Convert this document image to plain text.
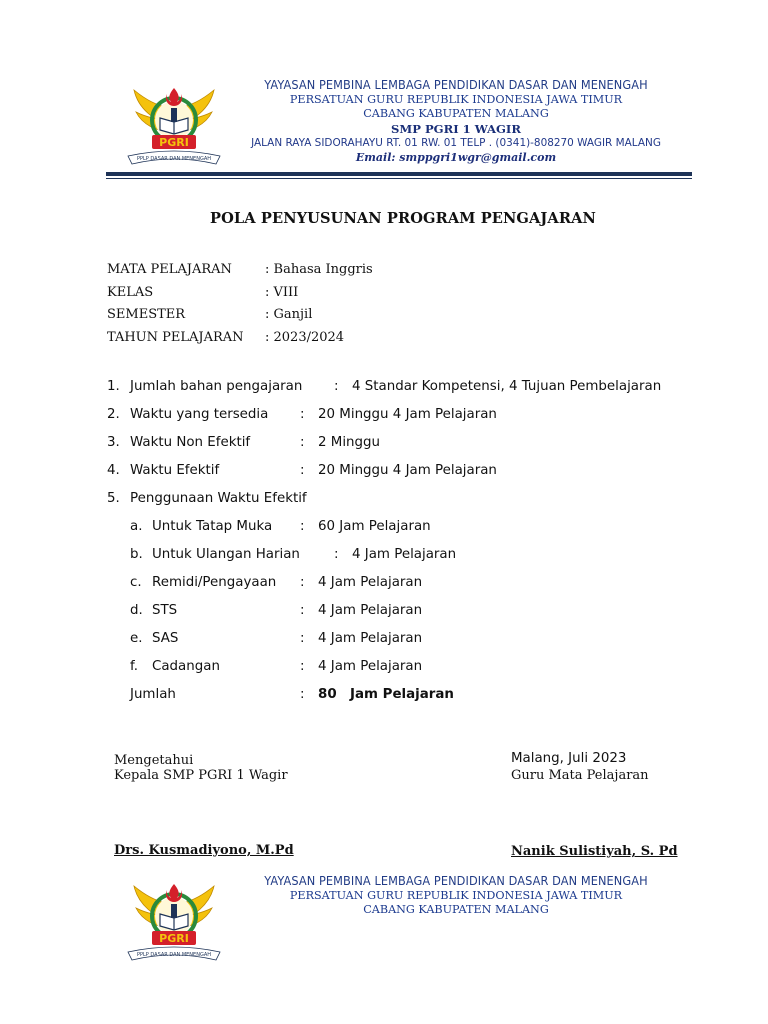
PGRI
PPLP DASAR DAN MENENGAH
YAYASAN PEMBINA LEMBAGA PENDIDIKAN DASAR DAN MENENGAH
PERSATUAN GURU REPUBLIK INDONESIA JAWA TIMUR
CABANG KABUPATEN MALANG
SMP PGRI 1 WAGIR
JALAN RAYA SIDORAHAYU RT. 01 RW. 01 TELP . (0341)-808270 WAGIR MALANG
Email: smppgri1wgr@gmail.com
POLA PENYUSUNAN PROGRAM PENGAJARAN
MATA PELAJARAN	: Bahasa Inggris
KELAS	: VIII
SEMESTER	: Ganjil
TAHUN PELAJARAN : 2023/2024
1. Jumlah bahan pengajaran : 4 Standar Kompetensi, 4 Tujuan Pembelajaran
2. Waktu yang tersedia : 20 Minggu 4 Jam Pelajaran
3. Waktu Non Efektif	: 2 Minggu
4. Waktu Efektif	: 20 Minggu 4 Jam Pelajaran
5. Penggunaan Waktu Efektif
a. Untuk Tatap Muka : 60 Jam Pelajaran
b. Untuk Ulangan Harian	: 4 Jam Pelajaran
c. Remidi/Pengayaan : 4 Jam Pelajaran
d. STS	: 4 Jam Pelajaran
e. SAS	: 4 Jam Pelajaran
f. Cadangan	: 4 Jam Pelajaran
Jumlah	: 80 Jam Pelajaran
Mengetahui
Kepala SMP PGRI 1 Wagir
Malang, Juli 2023
Guru Mata Pelajaran
Drs. Kusmadiyono, M.Pd	Nanik Sulistiyah, S. Pd
PGRI
PPLP DASAR DAN MENENGAH
YAYASAN PEMBINA LEMBAGA PENDIDIKAN DASAR DAN MENENGAH
PERSATUAN GURU REPUBLIK INDONESIA JAWA TIMUR
CABANG KABUPATEN MALANG
